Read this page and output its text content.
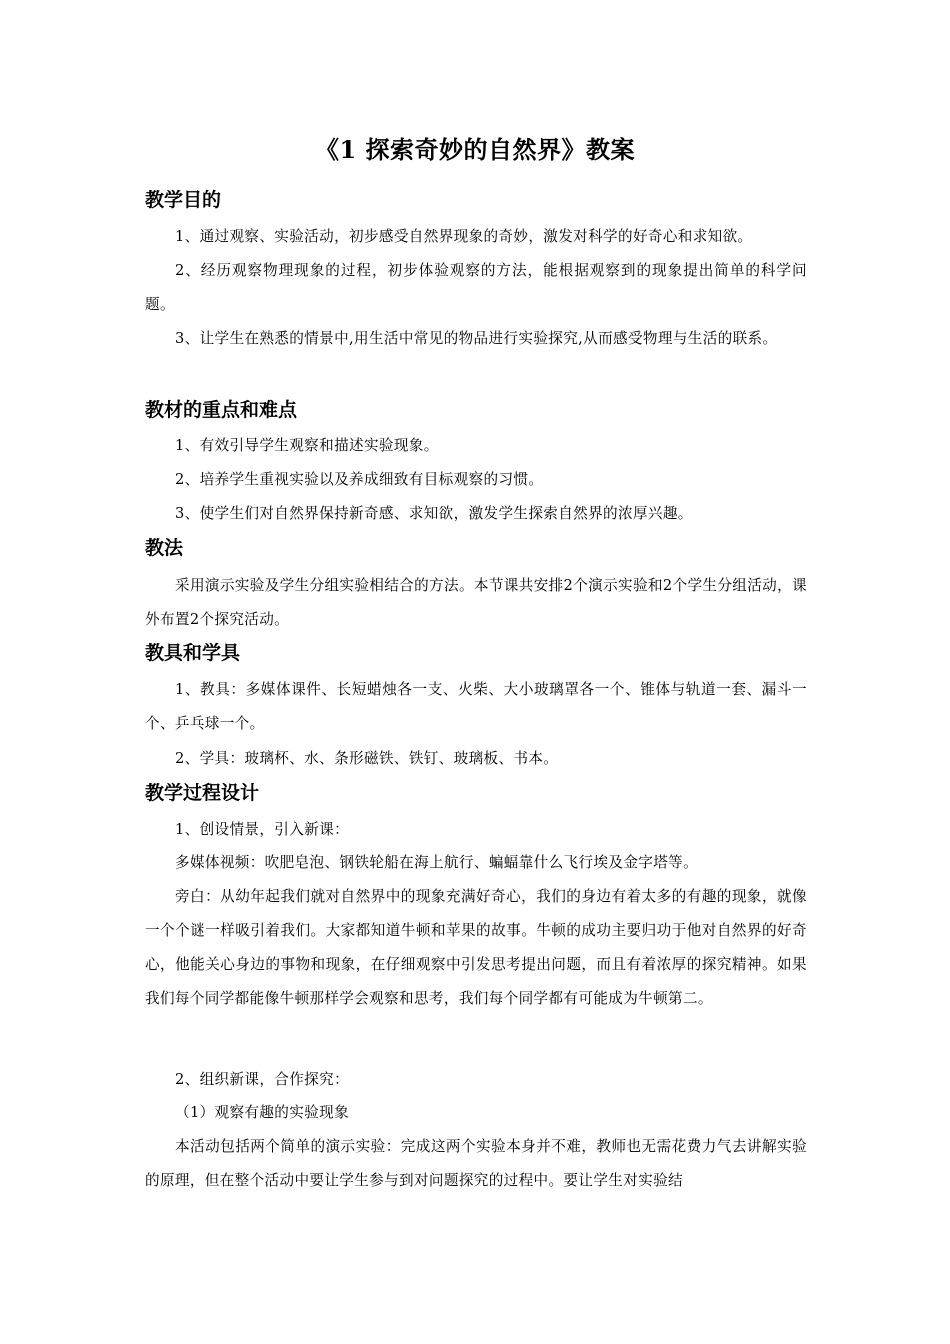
《1 探索奇妙的自然界》教案
教学目的

1、通过观察、实验活动，初步感受自然界现象的奇妙，激发对科学的好奇心和求知欲。

2、经历观察物理现象的过程，初步体验观察的方法，能根据观察到的现象提出简单的科学问题。

3、让学生在熟悉的情景中,用生活中常见的物品进行实验探究,从而感受物理与生活的联系。

教材的重点和难点

1、有效引导学生观察和描述实验现象。

2、培养学生重视实验以及养成细致有目标观察的习惯。

3、使学生们对自然界保持新奇感、求知欲，激发学生探索自然界的浓厚兴趣。

教法

采用演示实验及学生分组实验相结合的方法。本节课共安排2个演示实验和2个学生分组活动，课外布置2个探究活动。

教具和学具

1、教具：多媒体课件、长短蜡烛各一支、火柴、大小玻璃罩各一个、锥体与轨道一套、漏斗一个、乒乓球一个。

2、学具：玻璃杯、水、条形磁铁、铁钉、玻璃板、书本。

教学过程设计

1、创设情景，引入新课：

多媒体视频：吹肥皂泡、钢铁轮船在海上航行、蝙蝠靠什么飞行埃及金字塔等。

旁白：从幼年起我们就对自然界中的现象充满好奇心，我们的身边有着太多的有趣的现象，就像一个个谜一样吸引着我们。大家都知道牛顿和苹果的故事。牛顿的成功主要归功于他对自然界的好奇心，他能关心身边的事物和现象，在仔细观察中引发思考提出问题，而且有着浓厚的探究精神。如果我们每个同学都能像牛顿那样学会观察和思考，我们每个同学都有可能成为牛顿第二。

2、组织新课，合作探究：

（1）观察有趣的实验现象

本活动包括两个简单的演示实验：完成这两个实验本身并不难，教师也无需花费力气去讲解实验的原理，但在整个活动中要让学生参与到对问题探究的过程中。要让学生对实验结
